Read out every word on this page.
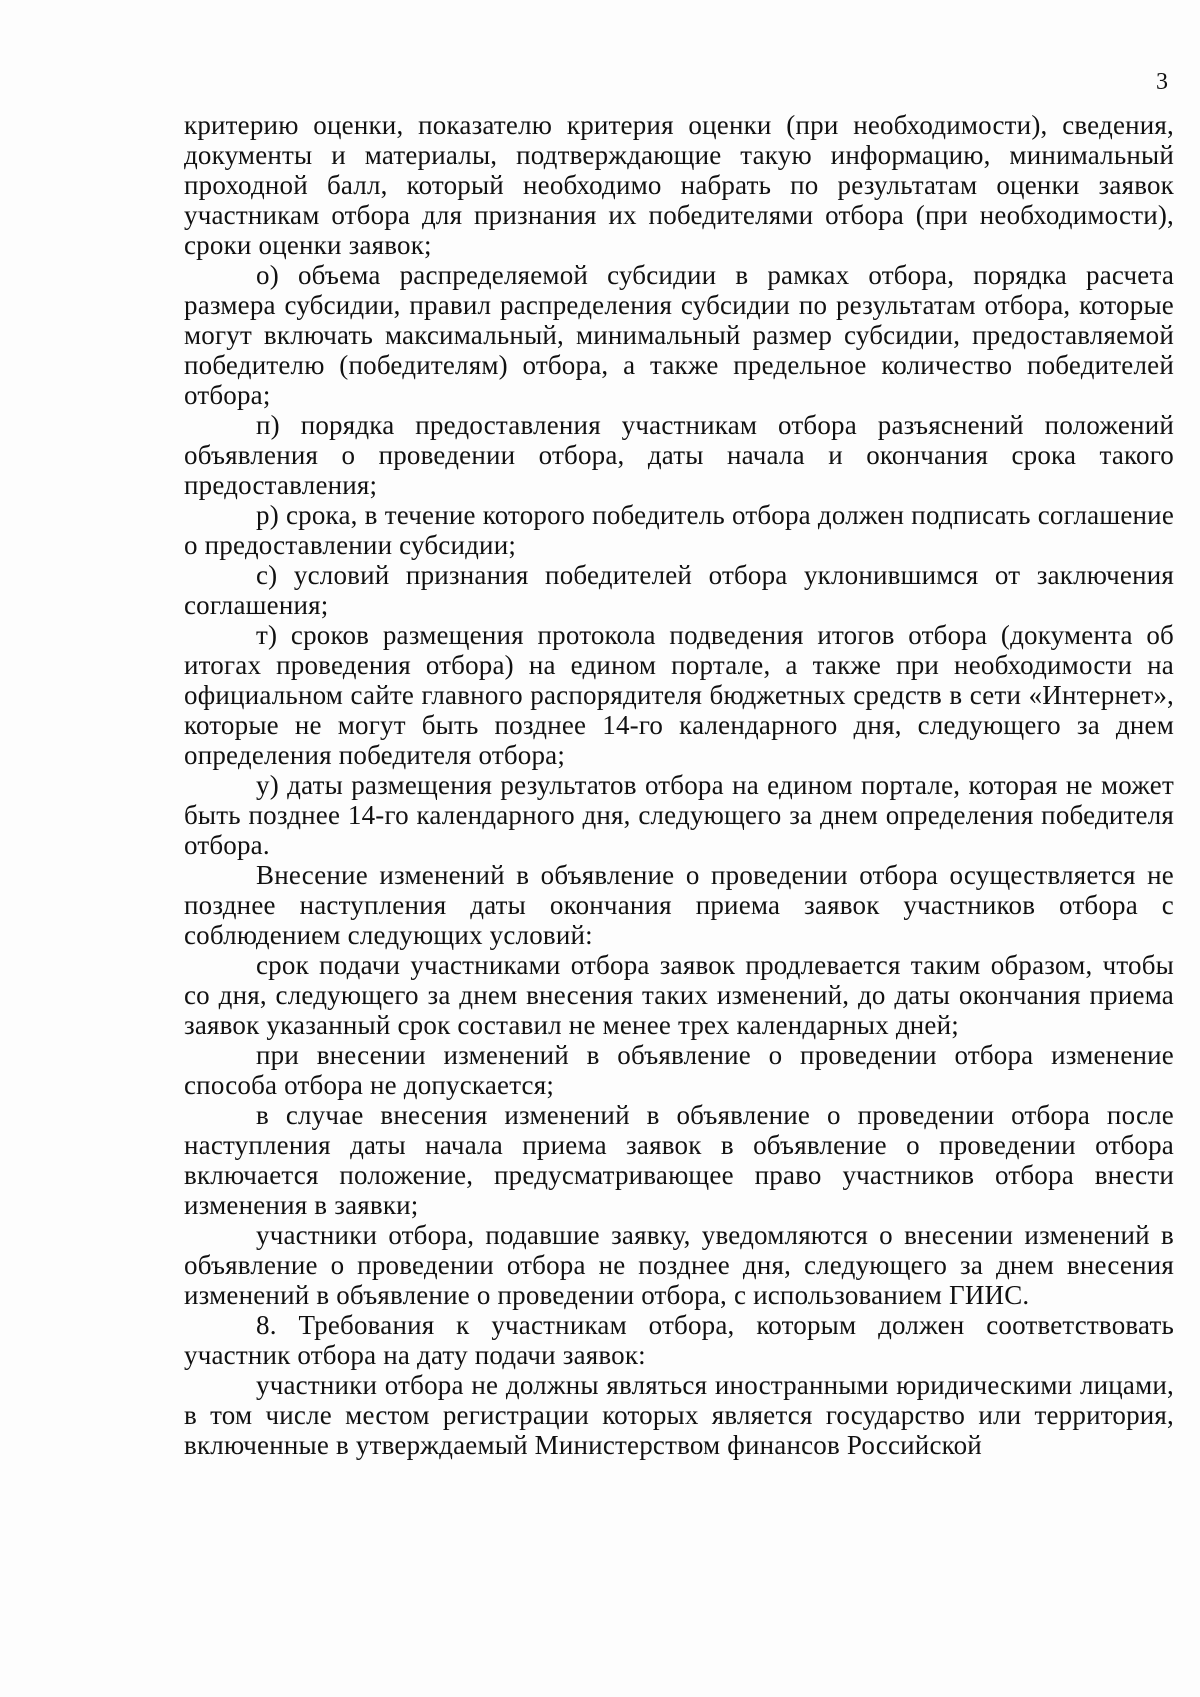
3

критерию оценки, показателю критерия оценки (при необходимости), сведения, документы и материалы, подтверждающие такую информацию, минимальный проходной балл, который необходимо набрать по результатам оценки заявок участникам отбора для признания их победителями отбора (при необходимости), сроки оценки заявок;

о) объема распределяемой субсидии в рамках отбора, порядка расчета размера субсидии, правил распределения субсидии по результатам отбора, которые могут включать максимальный, минимальный размер субсидии, предоставляемой победителю (победителям) отбора, а также предельное количество победителей отбора;

п) порядка предоставления участникам отбора разъяснений положений объявления о проведении отбора, даты начала и окончания срока такого предоставления;

р) срока, в течение которого победитель отбора должен подписать соглашение о предоставлении субсидии;

с) условий признания победителей отбора уклонившимся от заключения соглашения;

т) сроков размещения протокола подведения итогов отбора (документа об итогах проведения отбора) на едином портале, а также при необходимости на официальном сайте главного распорядителя бюджетных средств в сети «Интернет», которые не могут быть позднее 14-го календарного дня, следующего за днем определения победителя отбора;

у) даты размещения результатов отбора на едином портале, которая не может быть позднее 14-го календарного дня, следующего за днем определения победителя отбора.

Внесение изменений в объявление о проведении отбора осуществляется не позднее наступления даты окончания приема заявок участников отбора с соблюдением следующих условий:

срок подачи участниками отбора заявок продлевается таким образом, чтобы со дня, следующего за днем внесения таких изменений, до даты окончания приема заявок указанный срок составил не менее трех календарных дней;

при внесении изменений в объявление о проведении отбора изменение способа отбора не допускается;

в случае внесения изменений в объявление о проведении отбора после наступления даты начала приема заявок в объявление о проведении отбора включается положение, предусматривающее право участников отбора внести изменения в заявки;

участники отбора, подавшие заявку, уведомляются о внесении изменений в объявление о проведении отбора не позднее дня, следующего за днем внесения изменений в объявление о проведении отбора, с использованием ГИИС.

8. Требования к участникам отбора, которым должен соответствовать участник отбора на дату подачи заявок:

участники отбора не должны являться иностранными юридическими лицами, в том числе местом регистрации которых является государство или территория, включенные в утверждаемый Министерством финансов Российской
